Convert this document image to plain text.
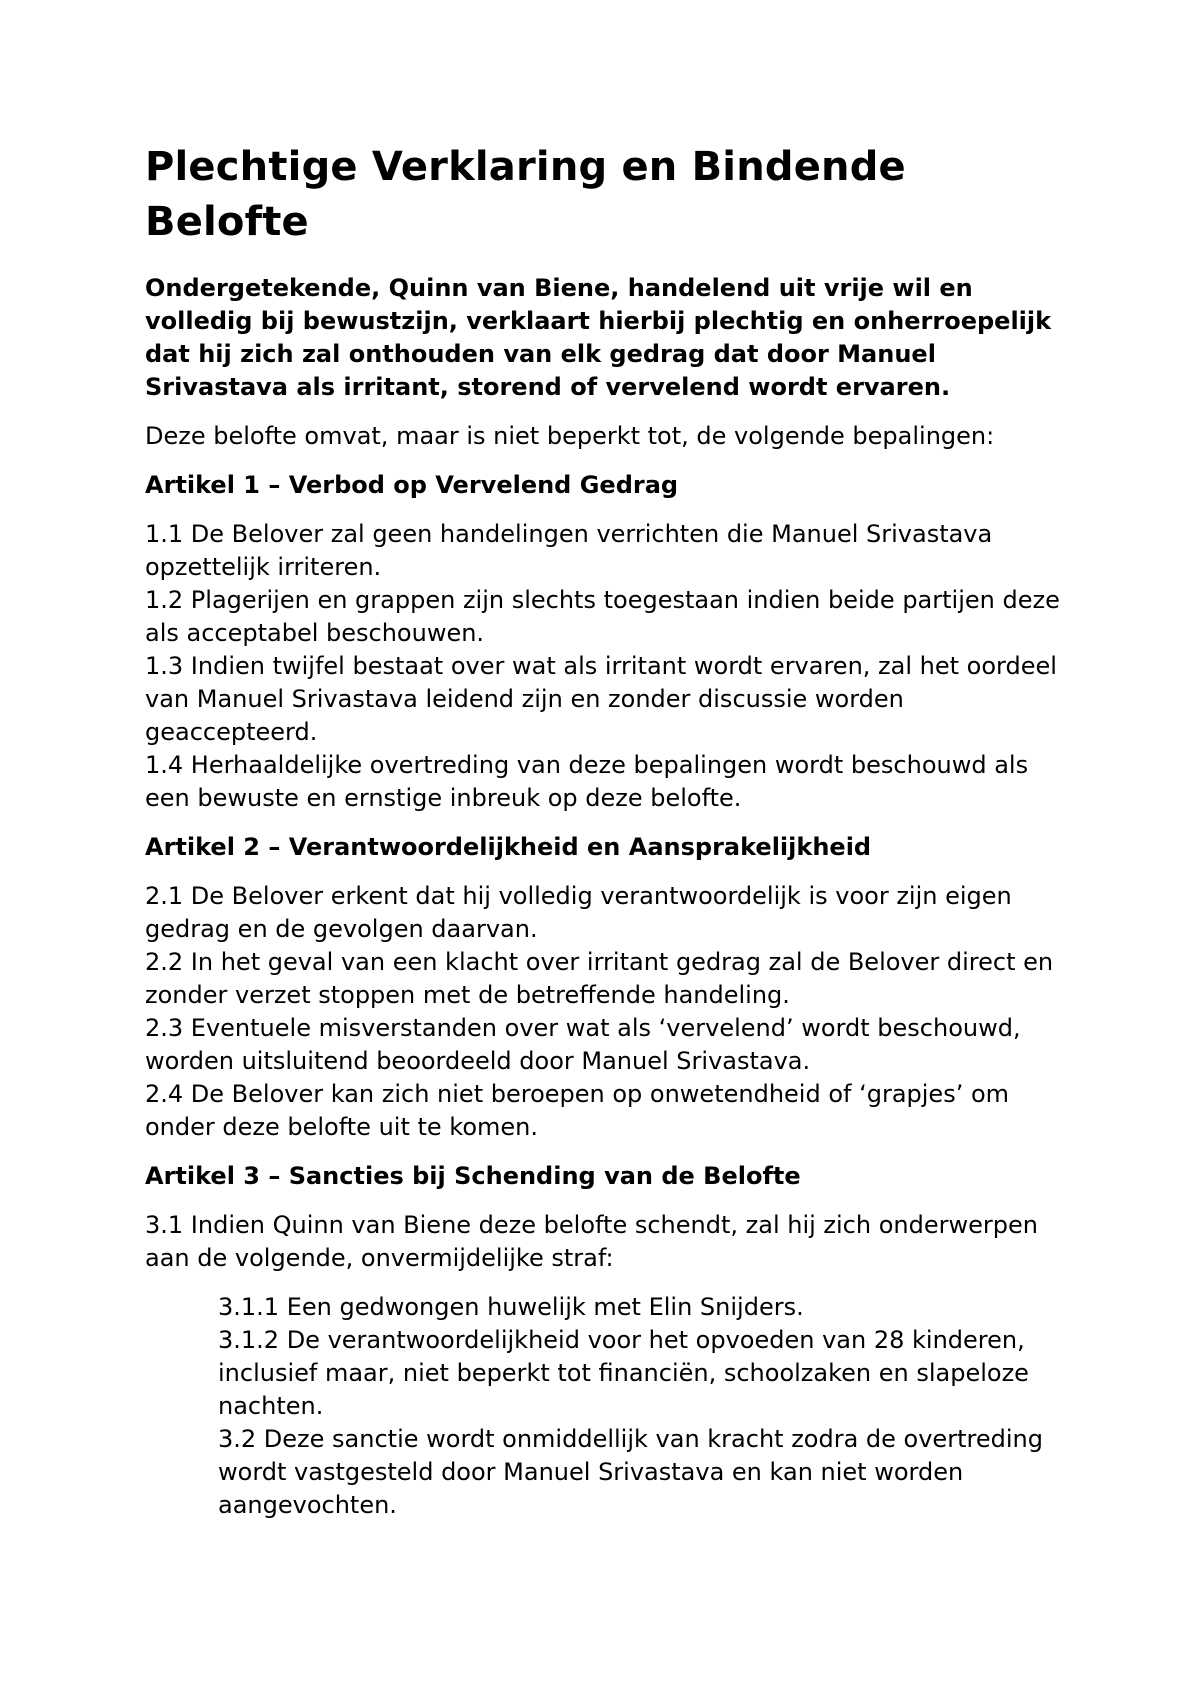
Plechtige Verklaring en Bindende Belofte

Ondergetekende, Quinn van Biene, handelend uit vrije wil en volledig bij bewustzijn, verklaart hierbij plechtig en onherroepelijk dat hij zich zal onthouden van elk gedrag dat door Manuel Srivastava als irritant, storend of vervelend wordt ervaren.

Deze belofte omvat, maar is niet beperkt tot, de volgende bepalingen:

Artikel 1 – Verbod op Vervelend Gedrag

1.1 De Belover zal geen handelingen verrichten die Manuel Srivastava opzettelijk irriteren.

1.2 Plagerijen en grappen zijn slechts toegestaan indien beide partijen deze als acceptabel beschouwen.

1.3 Indien twijfel bestaat over wat als irritant wordt ervaren, zal het oordeel van Manuel Srivastava leidend zijn en zonder discussie worden geaccepteerd.

1.4 Herhaaldelijke overtreding van deze bepalingen wordt beschouwd als een bewuste en ernstige inbreuk op deze belofte.

Artikel 2 – Verantwoordelijkheid en Aansprakelijkheid

2.1 De Belover erkent dat hij volledig verantwoordelijk is voor zijn eigen gedrag en de gevolgen daarvan.

2.2 In het geval van een klacht over irritant gedrag zal de Belover direct en zonder verzet stoppen met de betreffende handeling.

2.3 Eventuele misverstanden over wat als ‘vervelend’ wordt beschouwd, worden uitsluitend beoordeeld door Manuel Srivastava.

2.4 De Belover kan zich niet beroepen op onwetendheid of ‘grapjes’ om onder deze belofte uit te komen.

Artikel 3 – Sancties bij Schending van de Belofte

3.1 Indien Quinn van Biene deze belofte schendt, zal hij zich onderwerpen aan de volgende, onvermijdelijke straf:

3.1.1 Een gedwongen huwelijk met Elin Snijders.

3.1.2 De verantwoordelijkheid voor het opvoeden van 28 kinderen, inclusief maar, niet beperkt tot financiën, schoolzaken en slapeloze nachten.

3.2 Deze sanctie wordt onmiddellijk van kracht zodra de overtreding wordt vastgesteld door Manuel Srivastava en kan niet worden aangevochten.
